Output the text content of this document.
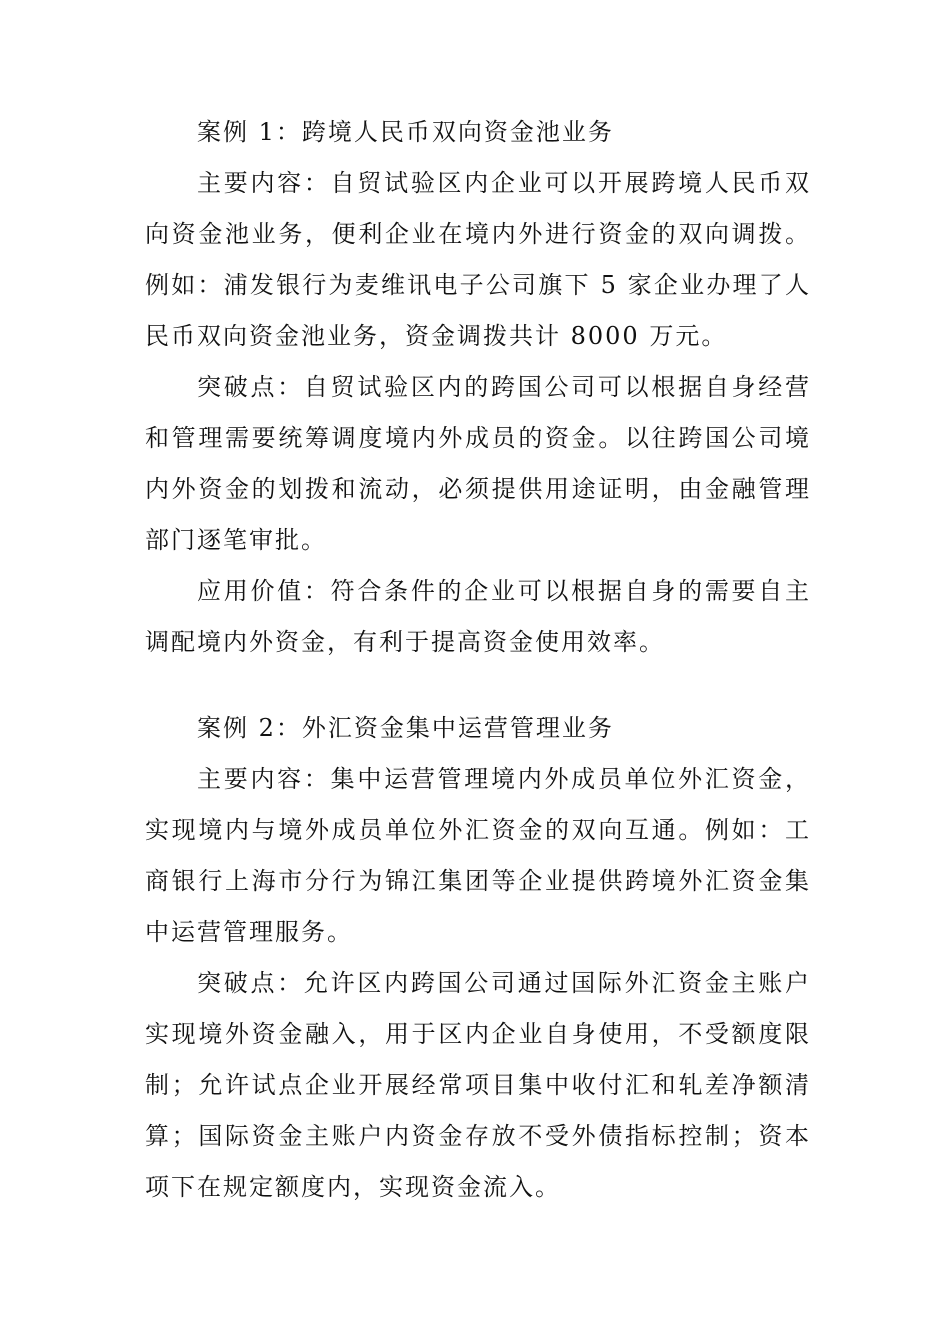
案例 1：跨境人民币双向资金池业务

主要内容：自贸试验区内企业可以开展跨境人民币双向资金池业务，便利企业在境内外进行资金的双向调拨。例如：浦发银行为麦维讯电子公司旗下 5 家企业办理了人民币双向资金池业务，资金调拨共计 8000 万元。

突破点：自贸试验区内的跨国公司可以根据自身经营和管理需要统筹调度境内外成员的资金。以往跨国公司境内外资金的划拨和流动，必须提供用途证明，由金融管理部门逐笔审批。

应用价值：符合条件的企业可以根据自身的需要自主调配境内外资金，有利于提高资金使用效率。

案例 2：外汇资金集中运营管理业务

主要内容：集中运营管理境内外成员单位外汇资金，实现境内与境外成员单位外汇资金的双向互通。例如：工商银行上海市分行为锦江集团等企业提供跨境外汇资金集中运营管理服务。

突破点：允许区内跨国公司通过国际外汇资金主账户实现境外资金融入，用于区内企业自身使用，不受额度限制；允许试点企业开展经常项目集中收付汇和轧差净额清算；国际资金主账户内资金存放不受外债指标控制；资本项下在规定额度内，实现资金流入。
